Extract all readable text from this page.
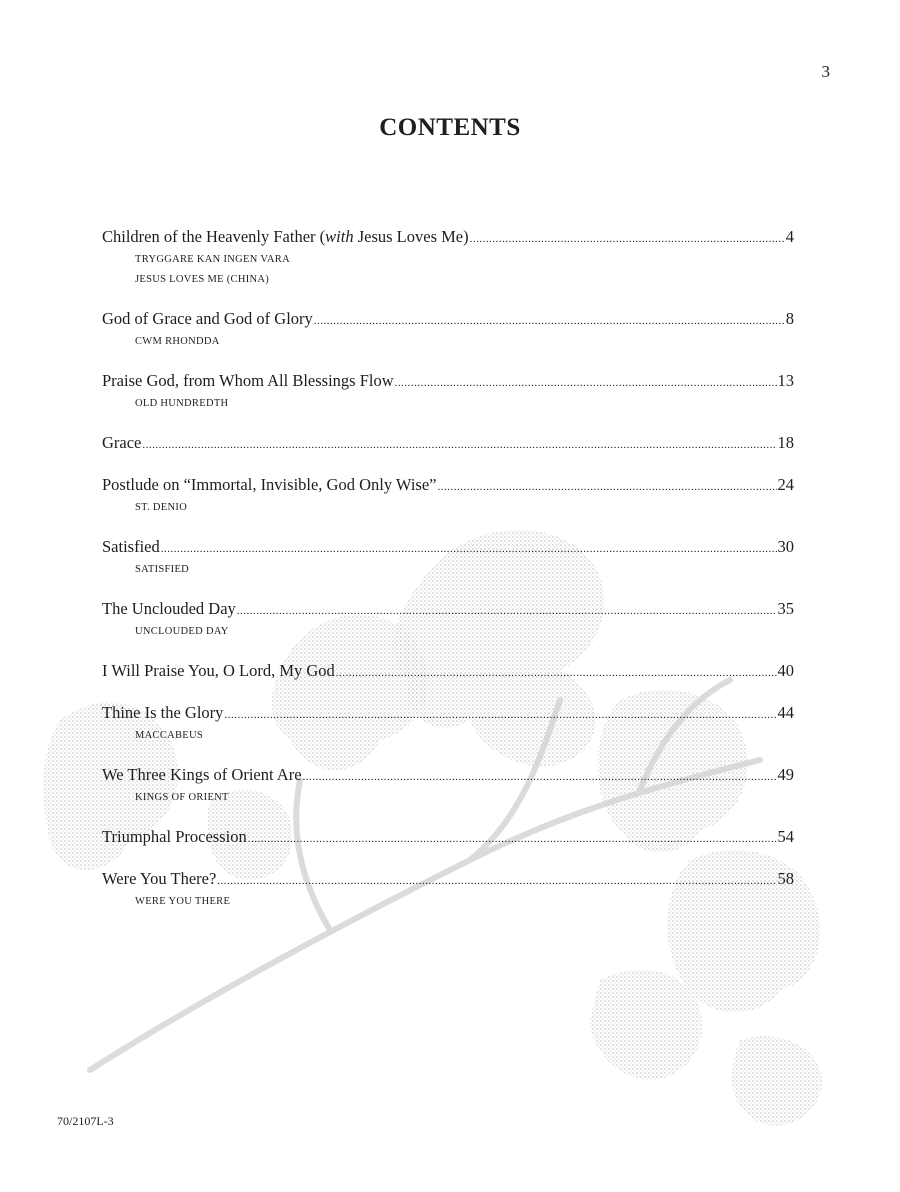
3
CONTENTS
Children of the Heavenly Father (with Jesus Loves Me) .....	4
TRYGGARE KAN INGEN VARA
JESUS LOVES ME (CHINA)
God of Grace and God of Glory .....	8
CWM RHONDDA
Praise God, from Whom All Blessings Flow .....	13
OLD HUNDREDTH
Grace .....	18
Postlude on “Immortal, Invisible, God Only Wise” .....	24
ST. DENIO
Satisfied .....	30
SATISFIED
The Unclouded Day .....	35
UNCLOUDED DAY
I Will Praise You, O Lord, My God .....	40
Thine Is the Glory .....	44
MACCABEUS
We Three Kings of Orient Are .....	49
KINGS OF ORIENT
Triumphal Procession .....	54
Were You There? .....	58
WERE YOU THERE
70/2107L-3
